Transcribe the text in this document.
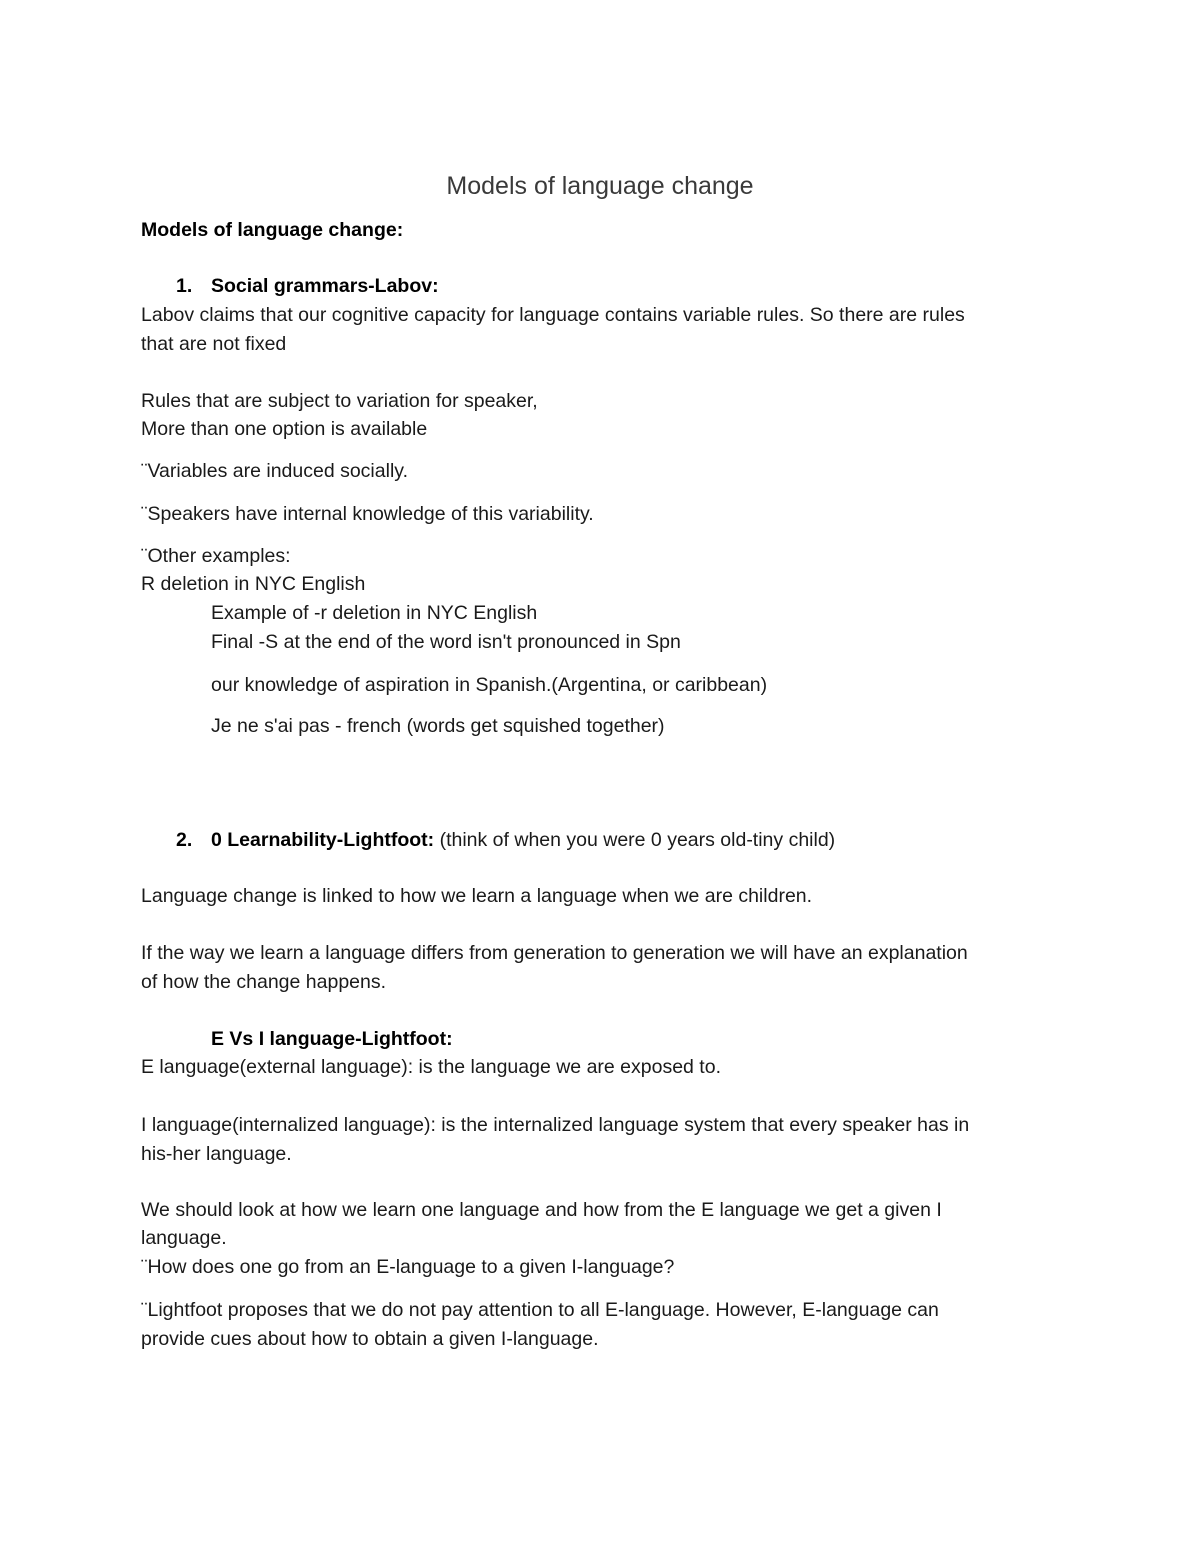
Models of language change
Models of language change:
1. Social grammars-Labov:
Labov claims that our cognitive capacity for language contains variable rules. So there are rules
that are not fixed
Rules that are subject to variation for speaker,
More than one option is available
¨Variables are induced socially.
¨Speakers have internal knowledge of this variability.
¨Other examples:
R deletion in NYC English
Example of -r deletion in NYC English
Final -S at the end of the word isn't pronounced in Spn
our knowledge of aspiration in Spanish.(Argentina, or caribbean)
Je ne s'ai pas - french (words get squished together)
2. 0 Learnability-Lightfoot: (think of when you were 0 years old-tiny child)
Language change is linked to how we learn a language when we are children.
If the way we learn a language differs from generation to generation we will have an explanation
of how the change happens.
E Vs I language-Lightfoot:
E language(external language): is the language we are exposed to.
I language(internalized language): is the internalized language system that every speaker has in
his-her language.
We should look at how we learn one language and how from the E language we get a given I
language.
¨How does one go from an E-language to a given I-language?
¨Lightfoot proposes that we do not pay attention to all E-language. However, E-language can
provide cues about how to obtain a given I-language.
